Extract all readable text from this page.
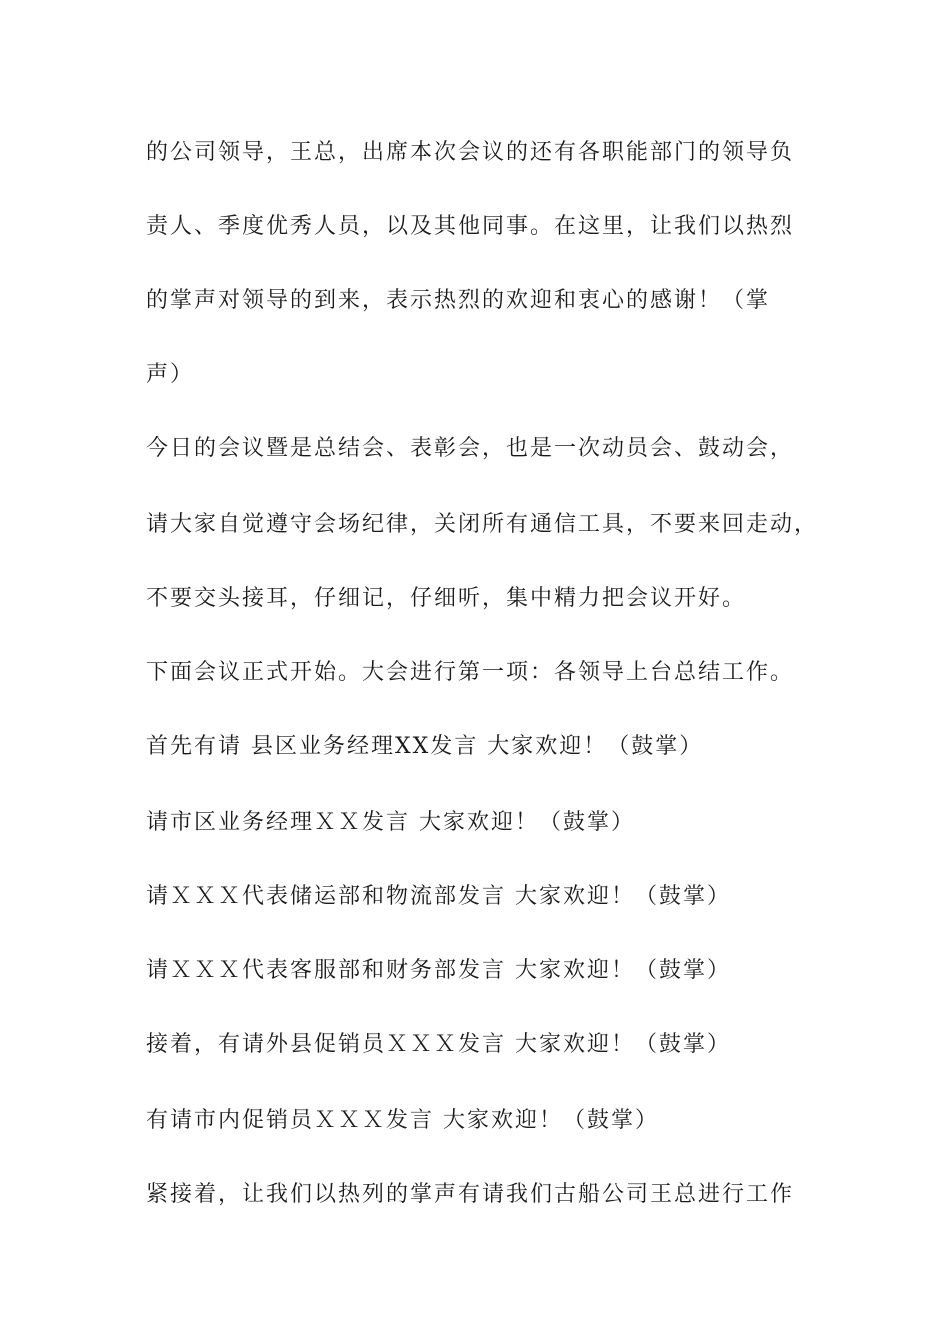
的公司领导，王总，出席本次会议的还有各职能部门的领导负
责人、季度优秀人员，以及其他同事。在这里，让我们以热烈
的掌声对领导的到来，表示热烈的欢迎和衷心的感谢！（掌
声）
今日的会议暨是总结会、表彰会，也是一次动员会、鼓动会，
请大家自觉遵守会场纪律，关闭所有通信工具，不要来回走动，
不要交头接耳，仔细记，仔细听，集中精力把会议开好。
下面会议正式开始。大会进行第一项：各领导上台总结工作。
首先有请 县区业务经理XX发言 大家欢迎！（鼓掌）
请市区业务经理ＸＸ发言 大家欢迎！（鼓掌）
请ＸＸＸ代表储运部和物流部发言 大家欢迎！（鼓掌）
请ＸＸＸ代表客服部和财务部发言 大家欢迎！（鼓掌）
接着，有请外县促销员ＸＸＸ发言 大家欢迎！（鼓掌）
有请市内促销员ＸＸＸ发言 大家欢迎！（鼓掌）
紧接着，让我们以热列的掌声有请我们古船公司王总进行工作
